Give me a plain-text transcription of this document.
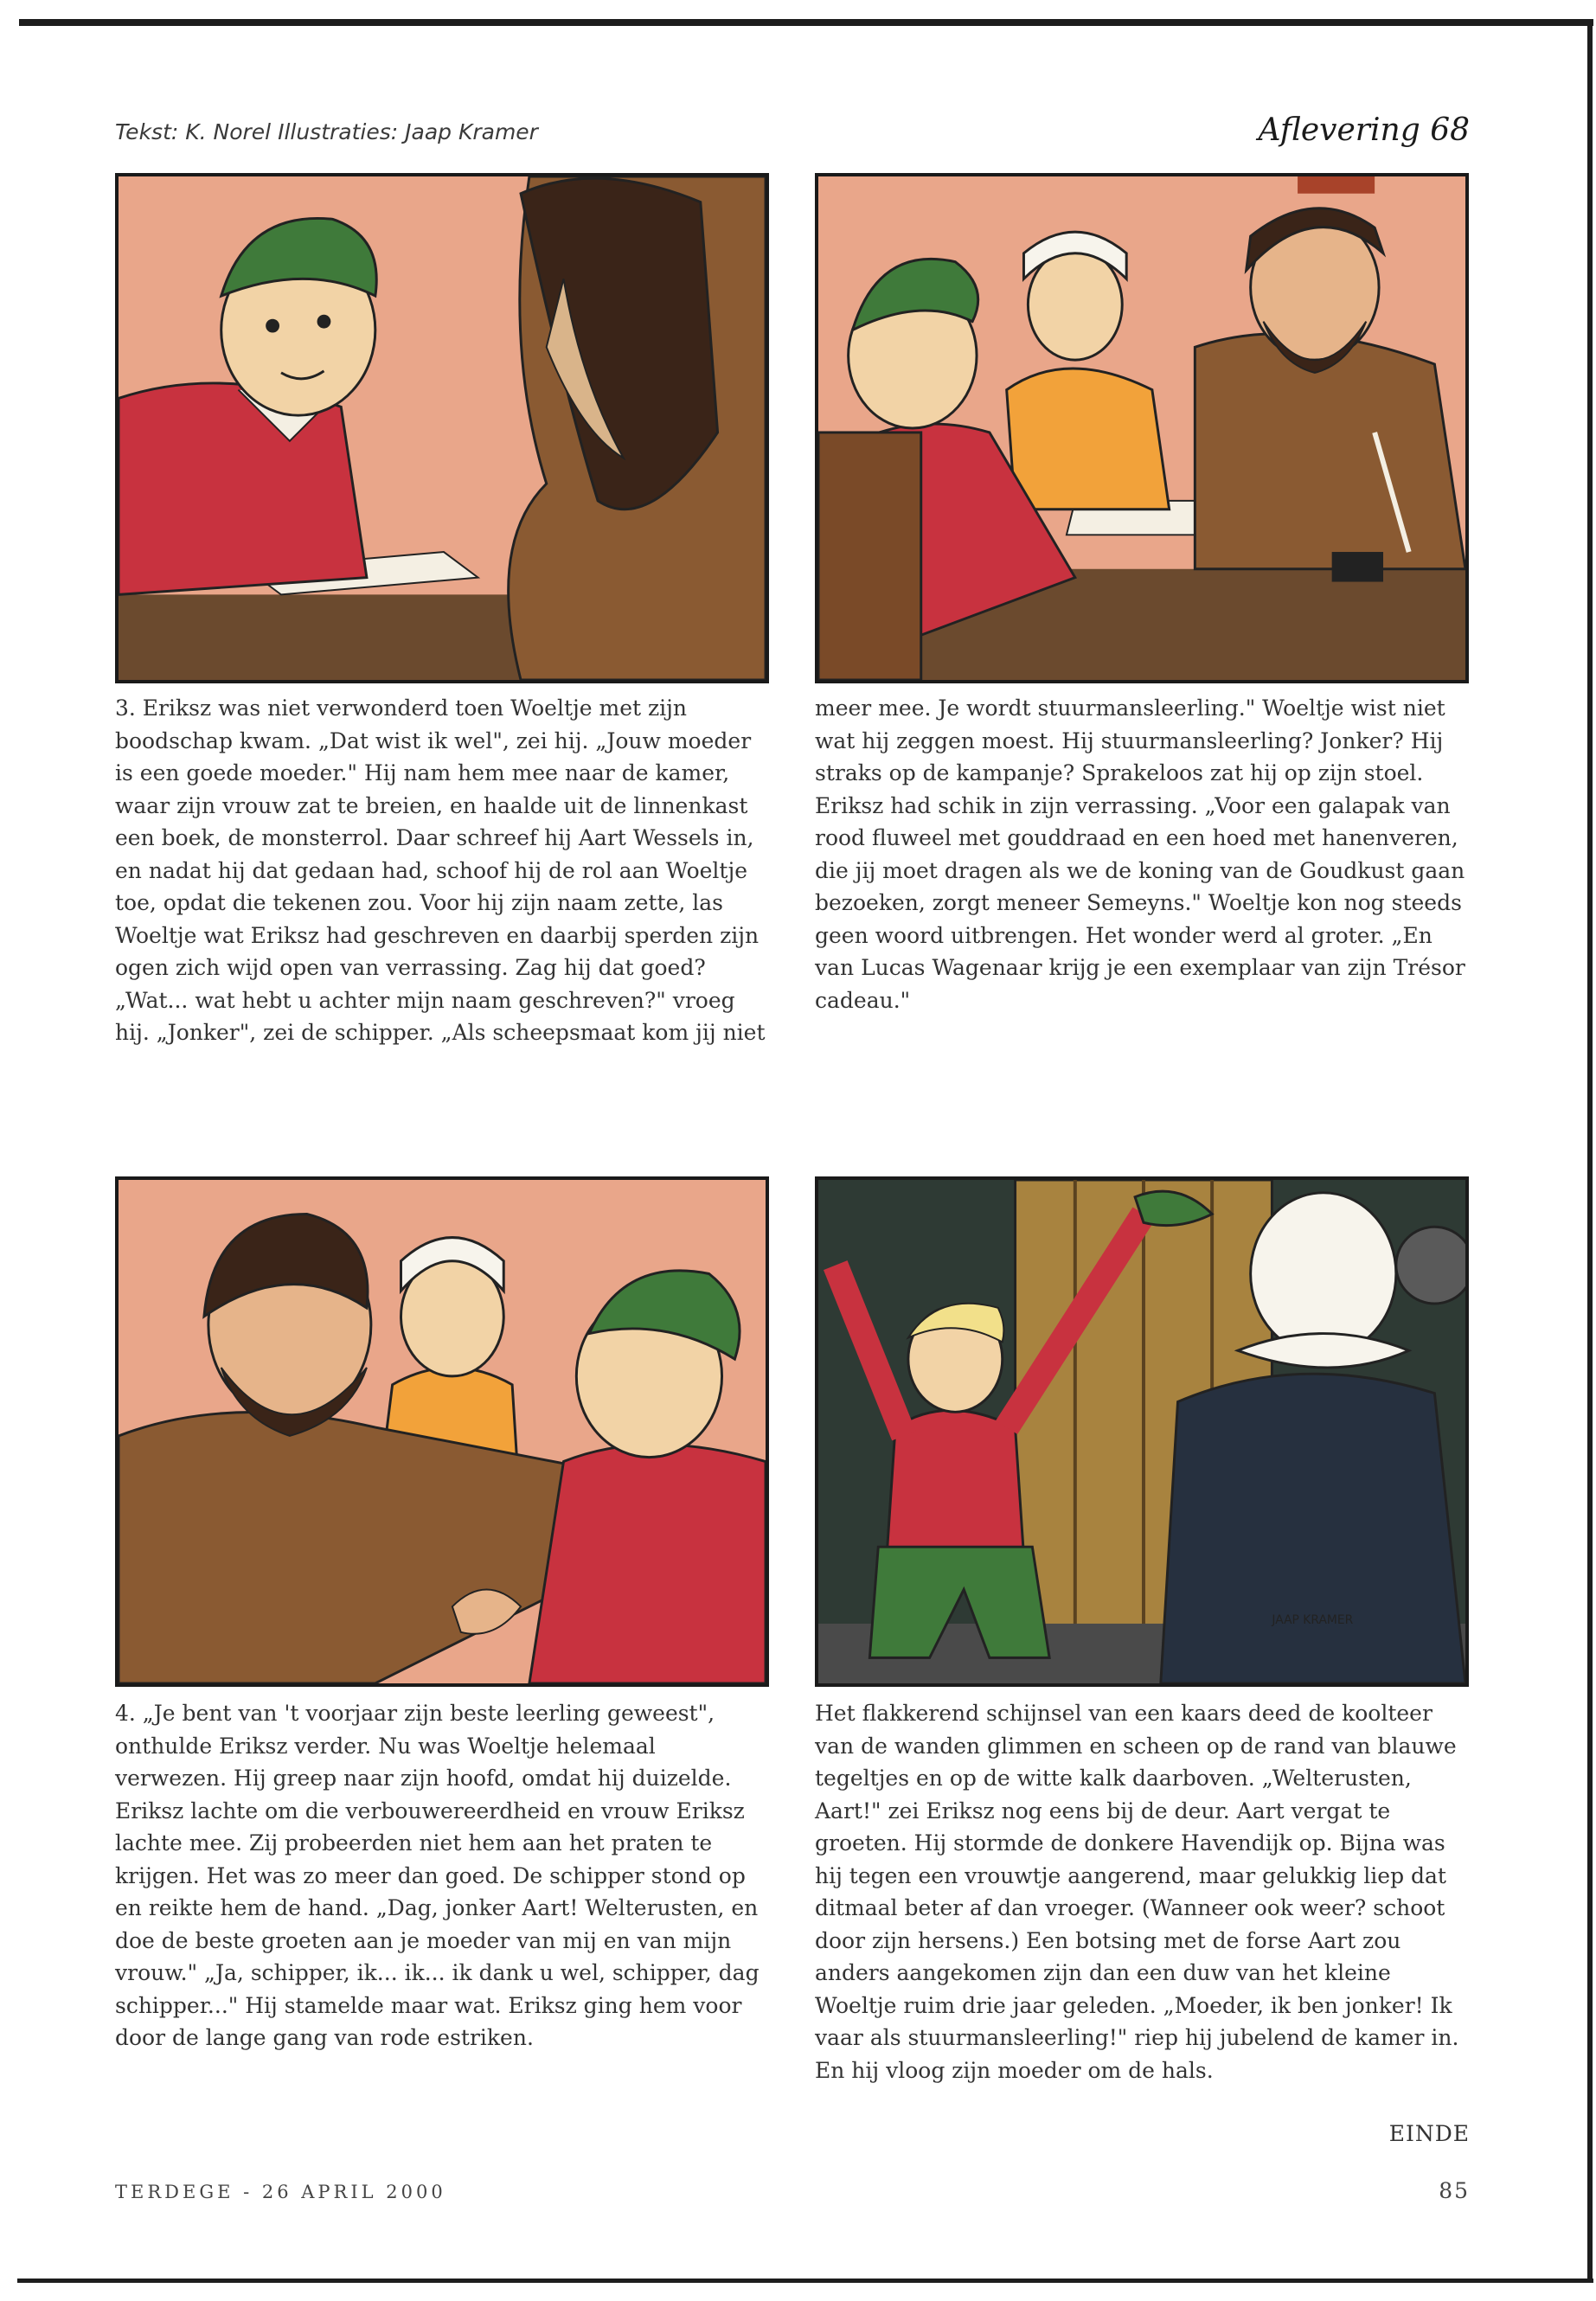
Tekst: K. Norel Illustraties: Jaap Kramer	Aflevering 68
JAAP KRAMER

3. Eriksz was niet verwonderd toen Woeltje met zijn boodschap kwam. „Dat wist ik wel", zei hij. „Jouw moeder is een goede moeder." Hij nam hem mee naar de kamer, waar zijn vrouw zat te breien, en haalde uit de linnenkast een boek, de monsterrol. Daar schreef hij Aart Wessels in, en nadat hij dat gedaan had, schoof hij de rol aan Woeltje toe, opdat die tekenen zou. Voor hij zijn naam zette, las Woeltje wat Eriksz had geschreven en daarbij sperden zijn ogen zich wijd open van verrassing. Zag hij dat goed? „Wat... wat hebt u achter mijn naam geschreven?" vroeg hij. „Jonker", zei de schipper. „Als scheepsmaat kom jij niet

meer mee. Je wordt stuurmansleerling." Woeltje wist niet wat hij zeggen moest. Hij stuurmansleerling? Jonker? Hij straks op de kampanje? Sprakeloos zat hij op zijn stoel. Eriksz had schik in zijn verrassing. „Voor een galapak van rood fluweel met gouddraad en een hoed met hanenveren, die jij moet dragen als we de koning van de Goudkust gaan bezoeken, zorgt meneer Semeyns." Woeltje kon nog steeds geen woord uitbrengen. Het wonder werd al groter. „En van Lucas Wagenaar krijg je een exemplaar van zijn Trésor cadeau."

4. „Je bent van 't voorjaar zijn beste leerling geweest", onthulde Eriksz verder. Nu was Woeltje helemaal verwezen. Hij greep naar zijn hoofd, omdat hij duizelde. Eriksz lachte om die verbouwereerdheid en vrouw Eriksz lachte mee. Zij probeerden niet hem aan het praten te krijgen. Het was zo meer dan goed. De schipper stond op en reikte hem de hand. „Dag, jonker Aart! Welterusten, en doe de beste groeten aan je moeder van mij en van mijn vrouw." „Ja, schipper, ik... ik... ik dank u wel, schipper, dag schipper..." Hij stamelde maar wat. Eriksz ging hem voor door de lange gang van rode estriken.

Het flakkerend schijnsel van een kaars deed de koolteer van de wanden glimmen en scheen op de rand van blauwe tegeltjes en op de witte kalk daarboven. „Welterusten, Aart!" zei Eriksz nog eens bij de deur. Aart vergat te groeten. Hij stormde de donkere Havendijk op. Bijna was hij tegen een vrouwtje aangerend, maar gelukkig liep dat ditmaal beter af dan vroeger. (Wanneer ook weer? schoot door zijn hersens.) Een botsing met de forse Aart zou anders aangekomen zijn dan een duw van het kleine Woeltje ruim drie jaar geleden. „Moeder, ik ben jonker! Ik vaar als stuurmansleerling!" riep hij jubelend de kamer in. En hij vloog zijn moeder om de hals.

EINDE
TERDEGE - 26 APRIL 2000	85
